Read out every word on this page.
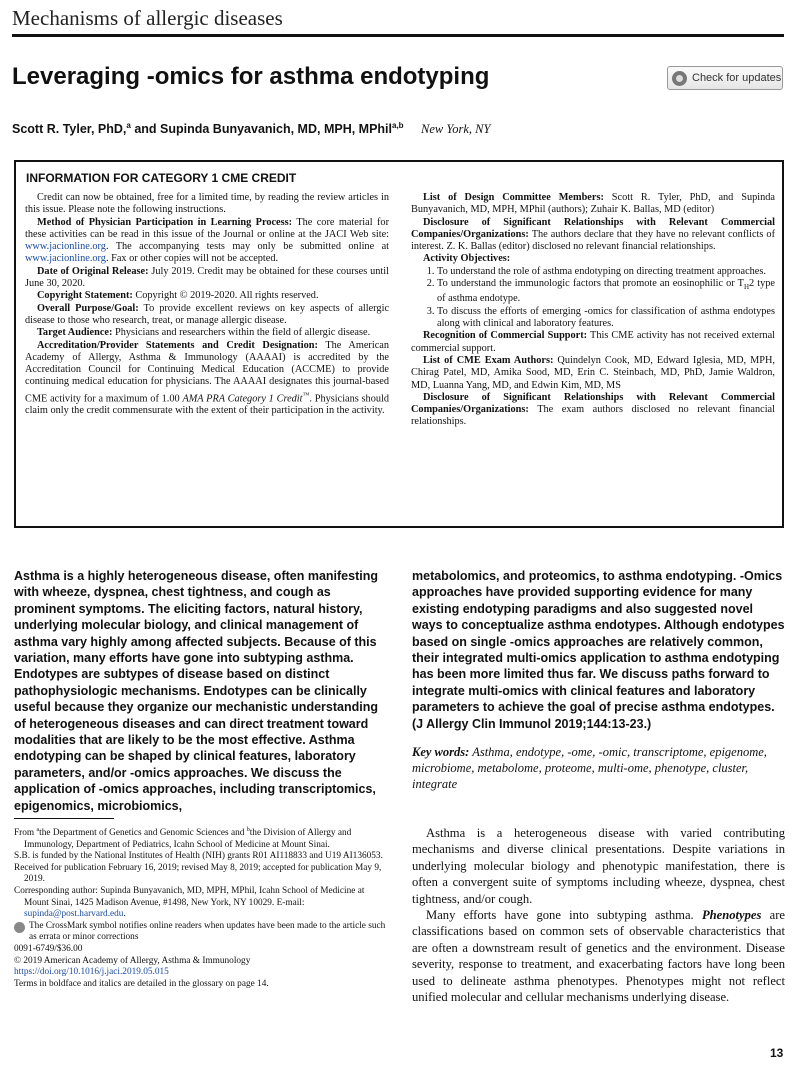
Mechanisms of allergic diseases
Leveraging -omics for asthma endotyping	Check for updates
Scott R. Tyler, PhD,$^a$ and Supinda Bunyavanich, MD, MPH, MPhil$^{a,b}$ New York, NY
INFORMATION FOR CATEGORY 1 CME CREDIT

Credit can now be obtained, free for a limited time, by reading the review articles in this issue. Please note the following instructions.

Method of Physician Participation in Learning Process: The core material for these activities can be read in this issue of the Journal or online at the JACI Web site: www.jacionline.org. The accompanying tests may only be submitted online at www.jacionline.org. Fax or other copies will not be accepted.

Date of Original Release: July 2019. Credit may be obtained for these courses until June 30, 2020.

Copyright Statement: Copyright © 2019-2020. All rights reserved.

Overall Purpose/Goal: To provide excellent reviews on key aspects of allergic disease to those who research, treat, or manage allergic disease.

Target Audience: Physicians and researchers within the field of allergic disease.

Accreditation/Provider Statements and Credit Designation: The American Academy of Allergy, Asthma & Immunology (AAAAI) is accredited by the Accreditation Council for Continuing Medical Education (ACCME) to provide continuing medical education for physicians. The AAAAI designates this journal-based CME activity for a maximum of 1.00 AMA PRA Category 1 Credit™. Physicians should claim only the credit commensurate with the extent of their participation in the activity.

List of Design Committee Members: Scott R. Tyler, PhD, and Supinda Bunyavanich, MD, MPH, MPhil (authors); Zuhair K. Ballas, MD (editor)

Disclosure of Significant Relationships with Relevant Commercial Companies/Organizations: The authors declare that they have no relevant conflicts of interest. Z. K. Ballas (editor) disclosed no relevant financial relationships.

Activity Objectives:

1. To understand the role of asthma endotyping on directing treatment approaches.
2. To understand the immunologic factors that promote an eosinophilic or $T_H2$ type of asthma endotype.
3. To discuss the efforts of emerging -omics for classification of asthma endotypes along with clinical and laboratory features.

Recognition of Commercial Support: This CME activity has not received external commercial support.

List of CME Exam Authors: Quindelyn Cook, MD, Edward Iglesia, MD, MPH, Chirag Patel, MD, Amika Sood, MD, Erin C. Steinbach, MD, PhD, Jamie Waldron, MD, Luanna Yang, MD, and Edwin Kim, MD, MS

Disclosure of Significant Relationships with Relevant Commercial Companies/Organizations: The exam authors disclosed no relevant financial relationships.

Asthma is a highly heterogeneous disease, often manifesting with wheeze, dyspnea, chest tightness, and cough as prominent symptoms. The eliciting factors, natural history, underlying molecular biology, and clinical management of asthma vary highly among affected subjects. Because of this variation, many efforts have gone into subtyping asthma. Endotypes are subtypes of disease based on distinct pathophysiologic mechanisms. Endotypes can be clinically useful because they organize our mechanistic understanding of heterogeneous diseases and can direct treatment toward modalities that are likely to be the most effective. Asthma endotyping can be shaped by clinical features, laboratory parameters, and/or -omics approaches. We discuss the application of -omics approaches, including transcriptomics, epigenomics, microbiomics,
metabolomics, and proteomics, to asthma endotyping. -Omics approaches have provided supporting evidence for many existing endotyping paradigms and also suggested novel ways to conceptualize asthma endotypes. Although endotypes based on single -omics approaches are relatively common, their integrated multi-omics application to asthma endotyping has been more limited thus far. We discuss paths forward to integrate multi-omics with clinical features and laboratory parameters to achieve the goal of precise asthma endotypes. (J Allergy Clin Immunol 2019;144:13-23.)
Key words: Asthma, endotype, -ome, -omic, transcriptome, epigenome, microbiome, metabolome, proteome, multi-ome, phenotype, cluster, integrate

From $^a$the Department of Genetics and Genomic Sciences and $^b$the Division of Allergy and Immunology, Department of Pediatrics, Icahn School of Medicine at Mount Sinai.

S.B. is funded by the National Institutes of Health (NIH) grants R01 AI118833 and U19 AI136053.

Received for publication February 16, 2019; revised May 8, 2019; accepted for publication May 9, 2019.

Corresponding author: Supinda Bunyavanich, MD, MPH, MPhil, Icahn School of Medicine at Mount Sinai, 1425 Madison Avenue, #1498, New York, NY 10029. E-mail: supinda@post.harvard.edu.

The CrossMark symbol notifies online readers when updates have been made to the article such as errata or minor corrections

0091-6749/$36.00

© 2019 American Academy of Allergy, Asthma & Immunology

https://doi.org/10.1016/j.jaci.2019.05.015

Terms in boldface and italics are detailed in the glossary on page 14.

Asthma is a heterogeneous disease with varied contributing mechanisms and diverse clinical presentations. Despite variations in underlying molecular biology and phenotypic manifestation, there is often a convergent suite of symptoms including wheeze, dyspnea, chest tightness, and/or cough.

Many efforts have gone into subtyping asthma. Phenotypes are classifications based on common sets of observable characteristics that are often a downstream result of genetics and the environment. Disease severity, response to treatment, and exacerbating factors have long been used to delineate asthma phenotypes. Phenotypes might not reflect unified molecular and cellular mechanisms underlying disease.

13
